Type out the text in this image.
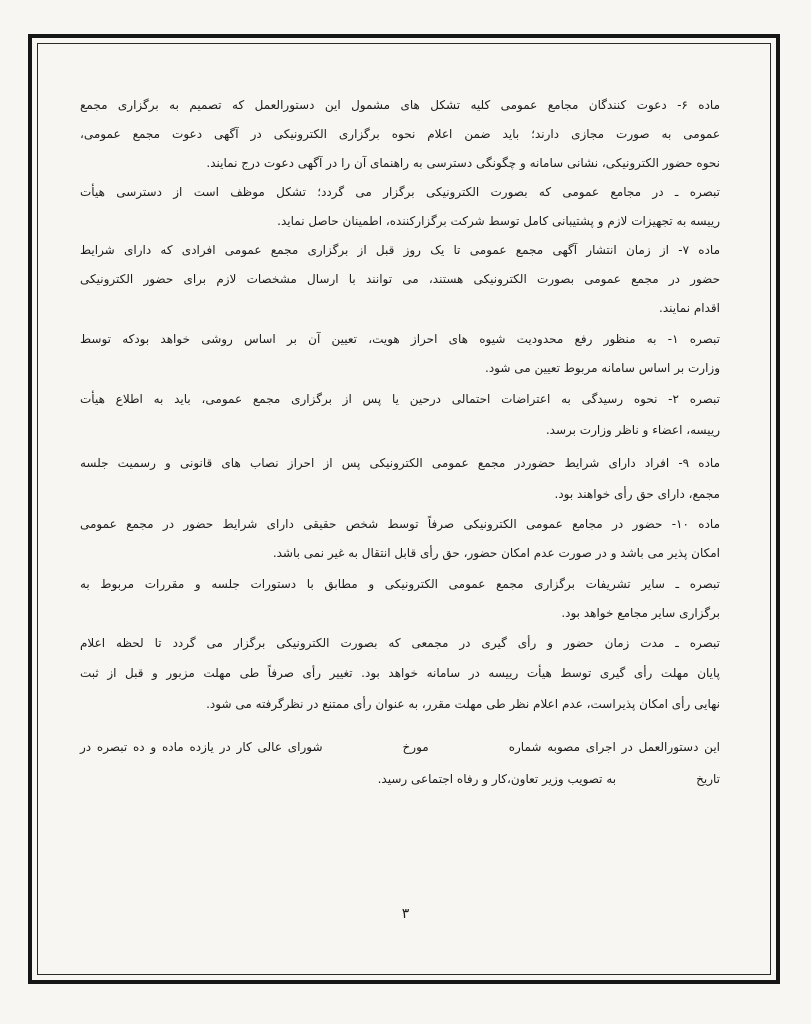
ماده ۶- دعوت کنندگان مجامع عمومی کلیه تشکل های مشمول این دستورالعمل که تصمیم به برگزاری مجمع
عمومی به صورت مجازی دارند؛ باید ضمن اعلام نحوه برگزاری الکترونیکی در آگهی دعوت مجمع عمومی،
نحوه حضور الکترونیکی، نشانی سامانه و چگونگی دسترسی به راهنمای آن را در آگهی دعوت درج نمایند.
تبصره ـ در مجامع عمومی که بصورت الکترونیکی برگزار می گردد؛ تشکل موظف است از دسترسی هیأت
رییسه به تجهیزات لازم و پشتیبانی کامل توسط شرکت برگزارکننده، اطمینان حاصل نماید.
ماده ۷- از زمان انتشار آگهی مجمع عمومی تا یک روز قبل از برگزاری مجمع عمومی افرادی که دارای شرایط
حضور در مجمع عمومی بصورت الکترونیکی هستند، می توانند با ارسال مشخصات لازم برای حضور الکترونیکی
اقدام نمایند.
تبصره ۱- به منظور رفع محدودیت شیوه های احراز هویت، تعیین آن بر اساس روشی خواهد بودکه توسط
وزارت بر اساس سامانه مربوط تعیین می شود.
تبصره ۲- نحوه رسیدگی به اعتراضات احتمالی درحین یا پس از برگزاری مجمع عمومی، باید به اطلاع هیأت
رییسه، اعضاء و ناظر وزارت برسد.
ماده ۹- افراد دارای شرایط حضوردر مجمع عمومی الکترونیکی پس از احراز نصاب های قانونی و رسمیت جلسه
مجمع، دارای حق رأی خواهند بود.
ماده ۱۰- حضور در مجامع عمومی الکترونیکی صرفاً توسط شخص حقیقی دارای شرایط حضور در مجمع عمومی
امکان پذیر می باشد و در صورت عدم امکان حضور، حق رأی قابل انتقال به غیر نمی باشد.
تبصره ـ سایر تشریفات برگزاری مجمع عمومی الکترونیکی و مطابق با دستورات جلسه و مقررات مربوط به
برگزاری سایر مجامع خواهد بود.
تبصره ـ مدت زمان حضور و رأی گیری در مجمعی که بصورت الکترونیکی برگزار می گردد تا لحظه اعلام
پایان مهلت رأی گیری توسط هیأت رییسه در سامانه خواهد بود. تغییر رأی صرفاً طی مهلت مزبور و قبل از ثبت
نهایی رأی امکان پذیراست، عدم اعلام نظر طی مهلت مقرر، به عنوان رأی ممتنع در نظرگرفته می شود.
این دستورالعمل در اجرای مصوبه شمارهمورخشورای عالی کار در یازده ماده و ده تبصره در
تاریخبه تصویب وزیر تعاون،کار و رفاه اجتماعی رسید.
۳
